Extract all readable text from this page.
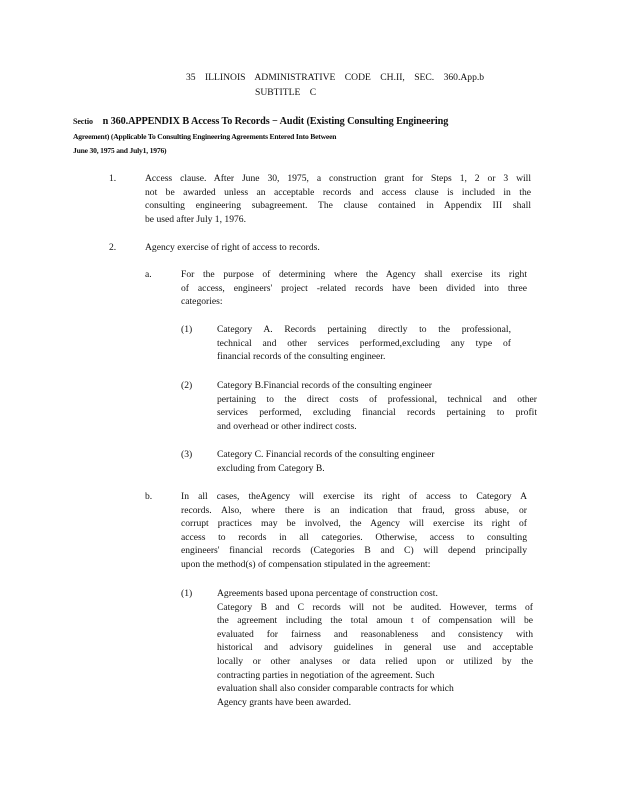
35 ILLINOIS ADMINISTRATIVE CODE CH.II, SEC. 360.App.b
SUBTITLE C
Sectio n 360.APPENDIX B Access To Records − Audit (Existing Consulting Engineering
Agreement) (Applicable To Consulting Engineering Agreements Entered Into Between
June 30, 1975 and July1, 1976)
1.	Access clause. After June 30, 1975, a construction grant for Steps 1, 2 or 3 will
not be awarded unless an acceptable records and access clause is included in the
consulting engineering subagreement. The clause contained in Appendix III shall
be used after July 1, 1976.
2.	Agency exercise of right of access to records.
a.	For the purpose of determining where the Agency shall exercise its right
of access, engineers' project -related records have been divided into three
categories:
(1)	Category A. Records pertaining directly to the professional,
technical and other services performed,excluding any type of
financial records of the consulting engineer.
(2)	Category B.Financial records of the consulting engineer
pertaining to the direct costs of professional, technical and other
services performed, excluding financial records pertaining to profit
and overhead or other indirect costs.
(3)	Category C. Financial records of the consulting engineer
excluding from Category B.
b.	In all cases, theAgency will exercise its right of access to Category A
records. Also, where there is an indication that fraud, gross abuse, or
corrupt practices may be involved, the Agency will exercise its right of
access to records in all categories. Otherwise, access to consulting
engineers' financial records (Categories B and C) will depend principally
upon the method(s) of compensation stipulated in the agreement:
(1)	Agreements based upona percentage of construction cost.
Category B and C records will not be audited. However, terms of
the agreement including the total amoun t of compensation will be
evaluated for fairness and reasonableness and consistency with
historical and advisory guidelines in general use and acceptable
locally or other analyses or data relied upon or utilized by the
contracting parties in negotiation of the agreement. Such
evaluation shall also consider comparable contracts for which
Agency grants have been awarded.
